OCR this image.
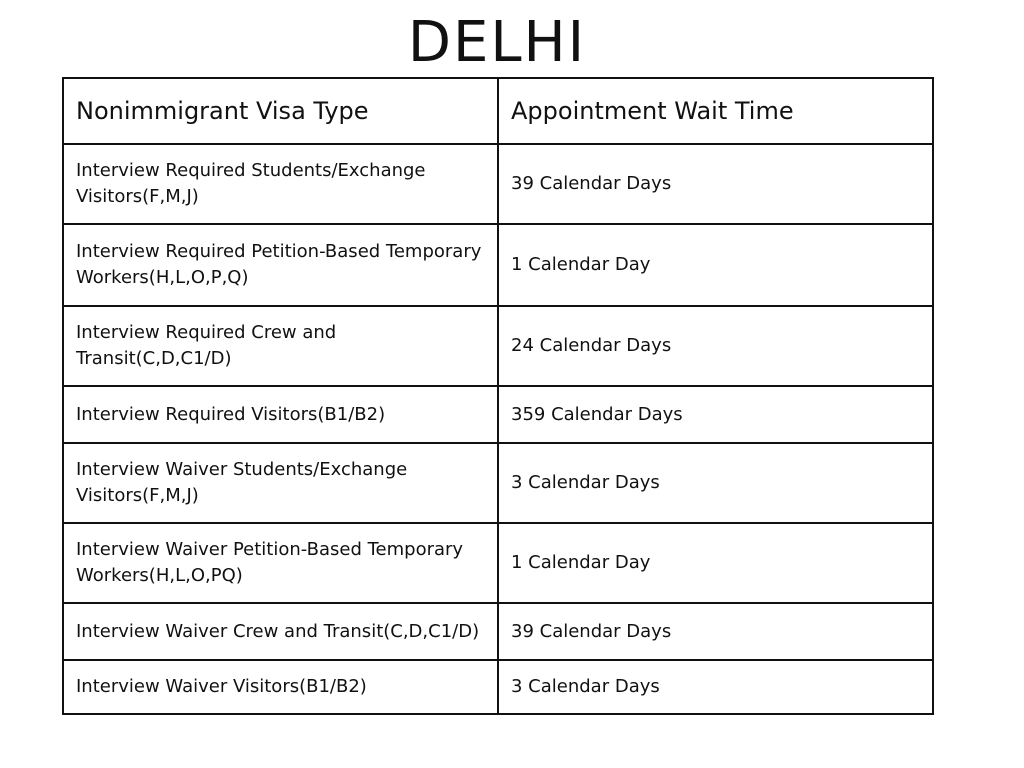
DELHI
Nonimmigrant Visa Type	Appointment Wait Time
Interview Required Students/Exchange Visitors(F,M,J)	39 Calendar Days
Interview Required Petition-Based Temporary Workers(H,L,O,P,Q)	1 Calendar Day
Interview Required Crew and Transit(C,D,C1/D)	24 Calendar Days
Interview Required Visitors(B1/B2)	359 Calendar Days
Interview Waiver Students/Exchange Visitors(F,M,J)	3 Calendar Days
Interview Waiver Petition-Based Temporary Workers(H,L,O,PQ)	1 Calendar Day
Interview Waiver Crew and Transit(C,D,C1/D)	39 Calendar Days
Interview Waiver Visitors(B1/B2)	3 Calendar Days
